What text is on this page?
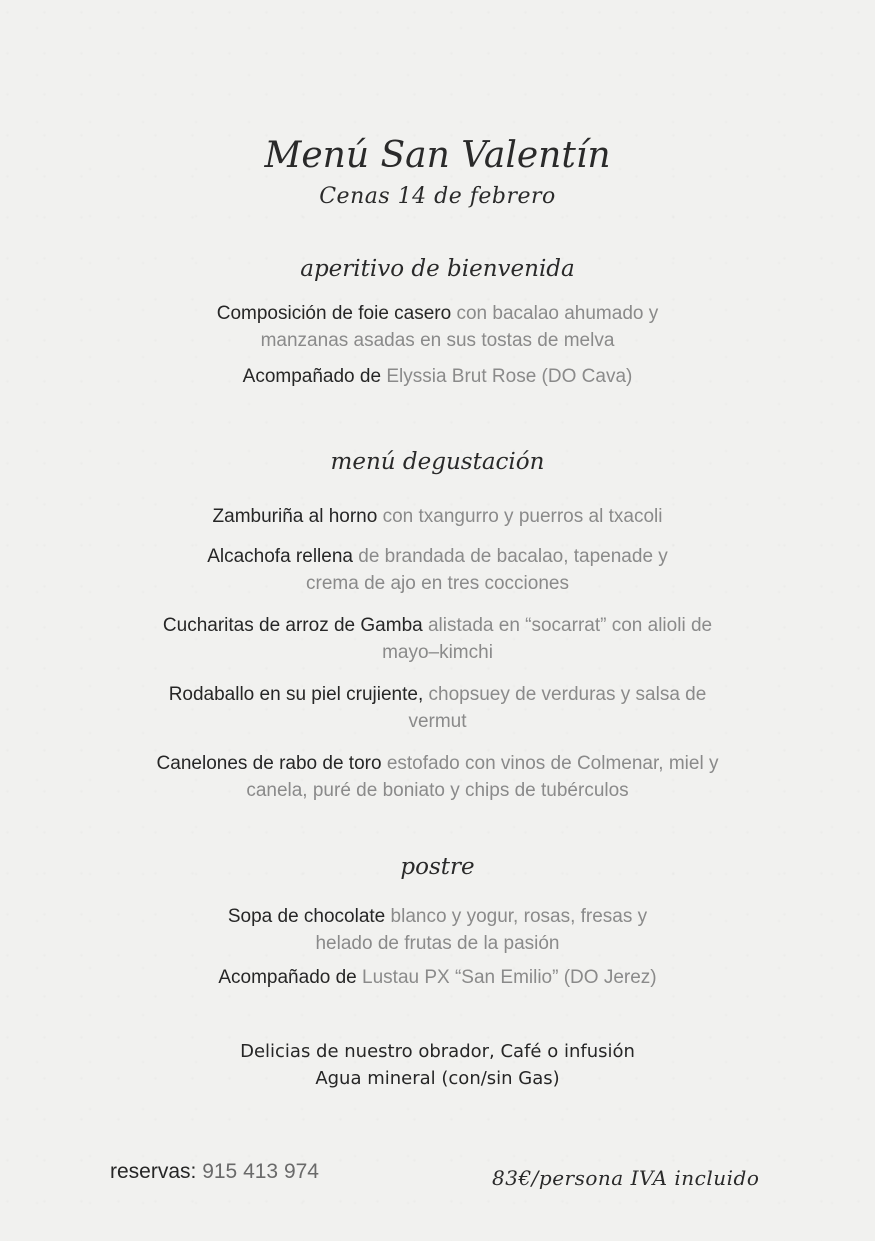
Menú San Valentín
Cenas 14 de febrero
aperitivo de bienvenida
Composición de foie casero con bacalao ahumado y manzanas asadas en sus tostas de melva
Acompañado de Elyssia Brut Rose (DO Cava)
menú degustación
Zamburiña al horno con txangurro y puerros al txacoli
Alcachofa rellena de brandada de bacalao, tapenade y crema de ajo en tres cocciones
Cucharitas de arroz de Gamba alistada en “socarrat” con alioli de mayo–kimchi
Rodaballo en su piel crujiente, chopsuey de verduras y salsa de vermut
Canelones de rabo de toro estofado con vinos de Colmenar, miel y canela, puré de boniato y chips de tubérculos
postre
Sopa de chocolate blanco y yogur, rosas, fresas y helado de frutas de la pasión
Acompañado de Lustau PX “San Emilio” (DO Jerez)
Delicias de nuestro obrador, Café o infusión
Agua mineral (con/sin Gas)
reservas: 915 413 974	83€/persona IVA incluido
